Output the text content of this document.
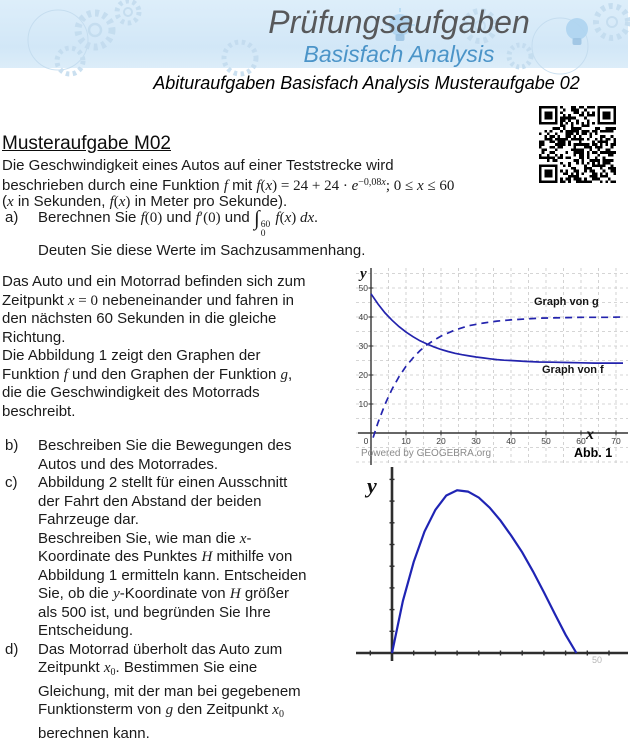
Prüfungsaufgaben
Basisfach Analysis
Abituraufgaben Basisfach Analysis Musteraufgabe 02
Musteraufgabe M02
Die Geschwindigkeit eines Autos auf einer Teststrecke wird
beschrieben durch eine Funktion f mit $f(x) = 24 + 24 \cdot e^{-0,08x}$; 0 ≤ x ≤ 60
(x in Sekunden, f(x) in Meter pro Sekunde).
a) Berechnen Sie f(0) und f′(0) und ∫ 60
0
f(x) dx.
Deuten Sie diese Werte im Sachzusammenhang.
Das Auto und ein Motorrad befinden sich zum
Zeitpunkt x = 0 nebeneinander und fahren in
den nächsten 60 Sekunden in die gleiche
Richtung.
Die Abbildung 1 zeigt den Graphen der
Funktion f und den Graphen der Funktion g,
die die Geschwindigkeit des Motorrads
beschreibt.
b) Beschreiben Sie die Bewegungen des
Autos und des Motorrades.
c) Abbildung 2 stellt für einen Ausschnitt
der Fahrt den Abstand der beiden
Fahrzeuge dar.
Beschreiben Sie, wie man die x-
Koordinate des Punktes H mithilfe von
Abbildung 1 ermitteln kann. Entscheiden
Sie, ob die y-Koordinate von H größer
als 500 ist, und begründen Sie Ihre
Entscheidung.
d) Das Motorrad überholt das Auto zum
Zeitpunkt $x_0$. Bestimmen Sie eine
Gleichung, mit der man bei gegebenem
Funktionsterm von g den Zeitpunkt $x_0$
berechnen kann.
0	10	20	30	40	50	60	70
10
20
30
40
50
y
x
Graph von g
Graph von f
Powered by GEOGEBRA.org	Abb. 1
y
50
